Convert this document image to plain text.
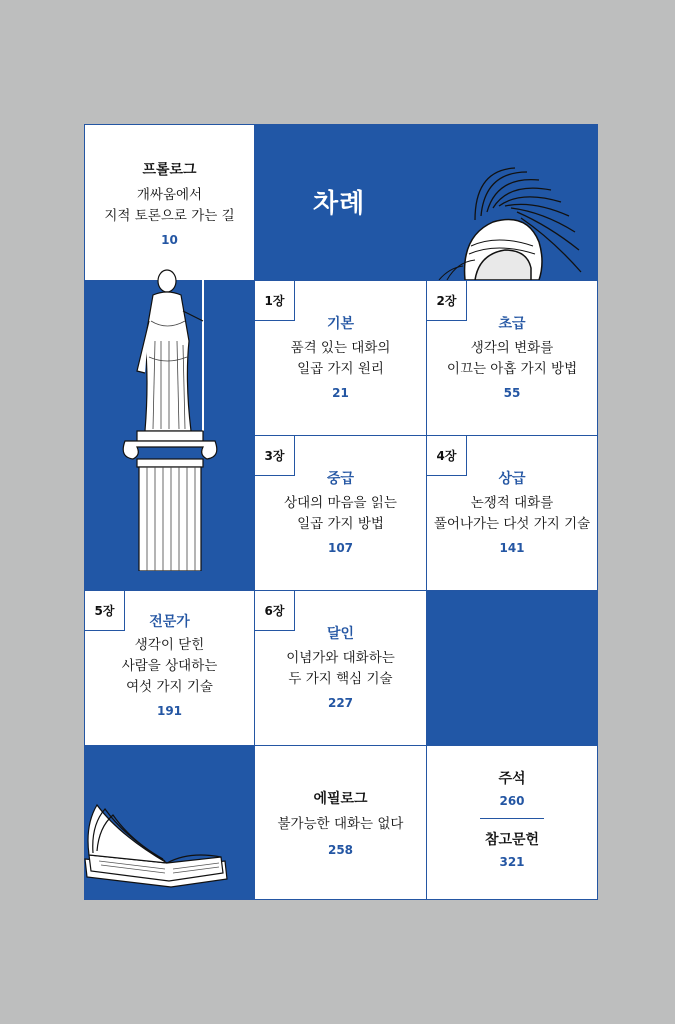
프롤로그
개싸움에서
지적 토론으로 가는 길
10
차례
1장
기본
품격 있는 대화의
일곱 가지 원리
21
2장
초급
생각의 변화를
이끄는 아홉 가지 방법
55
3장
중급
상대의 마음을 읽는
일곱 가지 방법
107
4장
상급
논쟁적 대화를
풀어나가는 다섯 가지 기술
141
5장
전문가
생각이 닫힌
사람을 상대하는
여섯 가지 기술
191
6장
달인
이념가와 대화하는
두 가지 핵심 기술
227
에필로그
불가능한 대화는 없다
258
주석
260
참고문헌
321
